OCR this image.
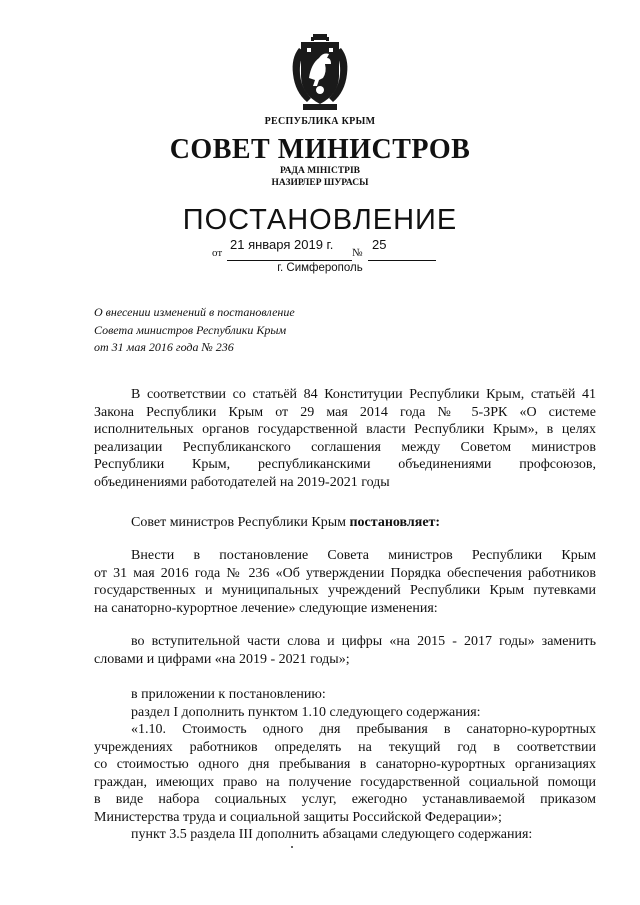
РЕСПУБЛИКА КРЫМ
СОВЕТ МИНИСТРОВ
РАДА МІНІСТРІВ
НАЗИРЛЕР ШУРАСЫ
ПОСТАНОВЛЕНИЕ
от
21 января 2019 г.
№
25
г. Симферополь
О внесении изменений в постановление
Совета министров Республики Крым
от 31 мая 2016 года № 236
В соответствии со статьёй 84 Конституции Республики Крым, статьёй 41
Закона Республики Крым от 29 мая 2014 года № 5-ЗРК «О системе
исполнительных органов государственной власти Республики Крым», в целях
реализации Республиканского соглашения между Советом министров
Республики Крым, республиканскими объединениями профсоюзов,
объединениями работодателей на 2019-2021 годы
Совет министров Республики Крым постановляет:
Внести в постановление Совета министров Республики Крым
от 31 мая 2016 года № 236 «Об утверждении Порядка обеспечения работников
государственных и муниципальных учреждений Республики Крым путевками
на санаторно-курортное лечение» следующие изменения:
во вступительной части слова и цифры «на 2015 - 2017 годы» заменить
словами и цифрами «на 2019 - 2021 годы»;
в приложении к постановлению:
раздел I дополнить пунктом 1.10 следующего содержания:
«1.10. Стоимость одного дня пребывания в санаторно-курортных
учреждениях работников определять на текущий год в соответствии
со стоимостью одного дня пребывания в санаторно-курортных организациях
граждан, имеющих право на получение государственной социальной помощи
в виде набора социальных услуг, ежегодно устанавливаемой приказом
Министерства труда и социальной защиты Российской Федерации»;
пункт 3.5 раздела III дополнить абзацами следующего содержания:
